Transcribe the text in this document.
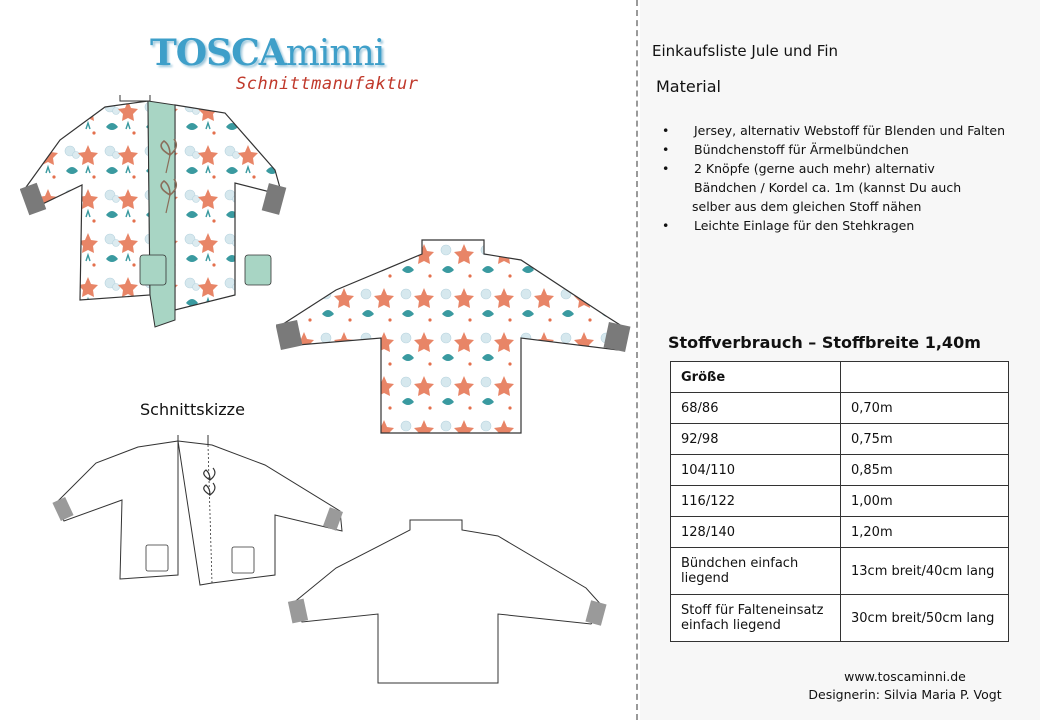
TOSCAminni
Schnittmanufaktur
Schnittskizze
Einkaufsliste Jule und Fin
Material
• Jersey, alternativ Webstoff für Blenden und Falten
• Bündchenstoff für Ärmelbündchen
• 2 Knöpfe (gerne auch mehr) alternativ
Bändchen / Kordel ca. 1m (kannst Du auch
selber aus dem gleichen Stoff nähen
• Leichte Einlage für den Stehkragen
Stoffverbrauch – Stoffbreite 1,40m
Größe	
68/86	0,70m
92/98	0,75m
104/110	0,85m
116/122	1,00m
128/140	1,20m
Bündchen einfach liegend	13cm breit/40cm lang
Stoff für Falteneinsatz einfach liegend	30cm breit/50cm lang
www.toscaminni.de
Designerin: Silvia Maria P. Vogt
